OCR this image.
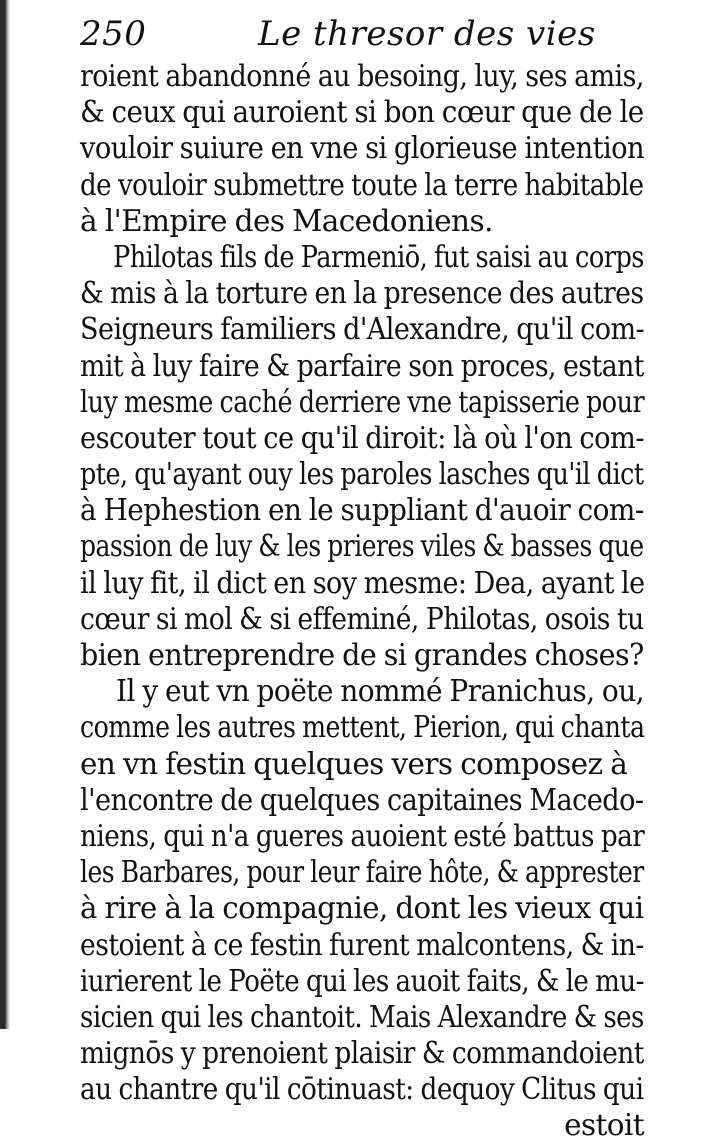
250	Le thresor des vies
roient abandonné au besoing, luy, ses amis,
& ceux qui auroient si bon cœur que de le
vouloir suiure en vne si glorieuse intention
de vouloir submettre toute la terre habitable
à l'Empire des Macedoniens.
Philotas fils de Parmeniō, fut saisi au corps
& mis à la torture en la presence des autres
Seigneurs familiers d'Alexandre, qu'il com-
mit à luy faire & parfaire son proces, estant
luy mesme caché derriere vne tapisserie pour
escouter tout ce qu'il diroit: là où l'on com-
pte, qu'ayant ouy les paroles lasches qu'il dict
à Hephestion en le suppliant d'auoir com-
passion de luy & les prieres viles & basses que
il luy fit, il dict en soy mesme: Dea, ayant le
cœur si mol & si effeminé, Philotas, osois tu
bien entreprendre de si grandes choses?
Il y eut vn poëte nommé Pranichus, ou,
comme les autres mettent, Pierion, qui chanta
en vn festin quelques vers composez à
l'encontre de quelques capitaines Macedo-
niens, qui n'a gueres auoient esté battus par
les Barbares, pour leur faire hôte, & apprester
à rire à la compagnie, dont les vieux qui
estoient à ce festin furent malcontens, & in-
iurierent le Poëte qui les auoit faits, & le mu-
sicien qui les chantoit. Mais Alexandre & ses
mignōs y prenoient plaisir & commandoient
au chantre qu'il cōtinuast: dequoy Clitus qui
estoit
